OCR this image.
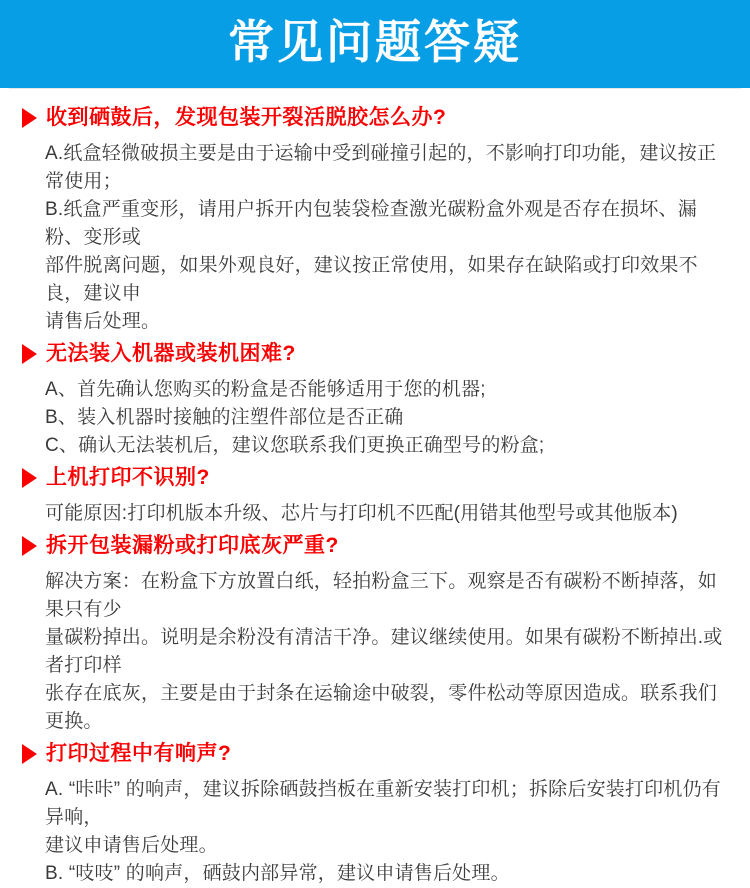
常见问题答疑
收到硒鼓后，发现包装开裂活脱胶怎么办?
A.纸盒轻微破损主要是由于运输中受到碰撞引起的，不影响打印功能，建议按正常使用；
B.纸盒严重变形，请用户拆开内包装袋检查激光碳粉盒外观是否存在损坏、漏粉、变形或
部件脱离问题，如果外观良好，建议按正常使用，如果存在缺陷或打印效果不良，建议申
请售后处理。
无法装入机器或装机困难?
A、首先确认您购买的粉盒是否能够适用于您的机器;
B、装入机器时接触的注塑件部位是否正确
C、确认无法装机后，建议您联系我们更换正确型号的粉盒;
上机打印不识别?
可能原因:打印机版本升级、芯片与打印机不匹配(用错其他型号或其他版本)
拆开包装漏粉或打印底灰严重?
解决方案：在粉盒下方放置白纸，轻拍粉盒三下。观察是否有碳粉不断掉落，如果只有少
量碳粉掉出。说明是余粉没有清洁干净。建议继续使用。如果有碳粉不断掉出.或者打印样
张存在底灰，主要是由于封条在运输途中破裂，零件松动等原因造成。联系我们更换。
打印过程中有响声?
A. “咔咔” 的响声，建议拆除硒鼓挡板在重新安装打印机；拆除后安装打印机仍有异响，
建议申请售后处理。
B. “吱吱” 的响声，硒鼓内部异常，建议申请售后处理。
